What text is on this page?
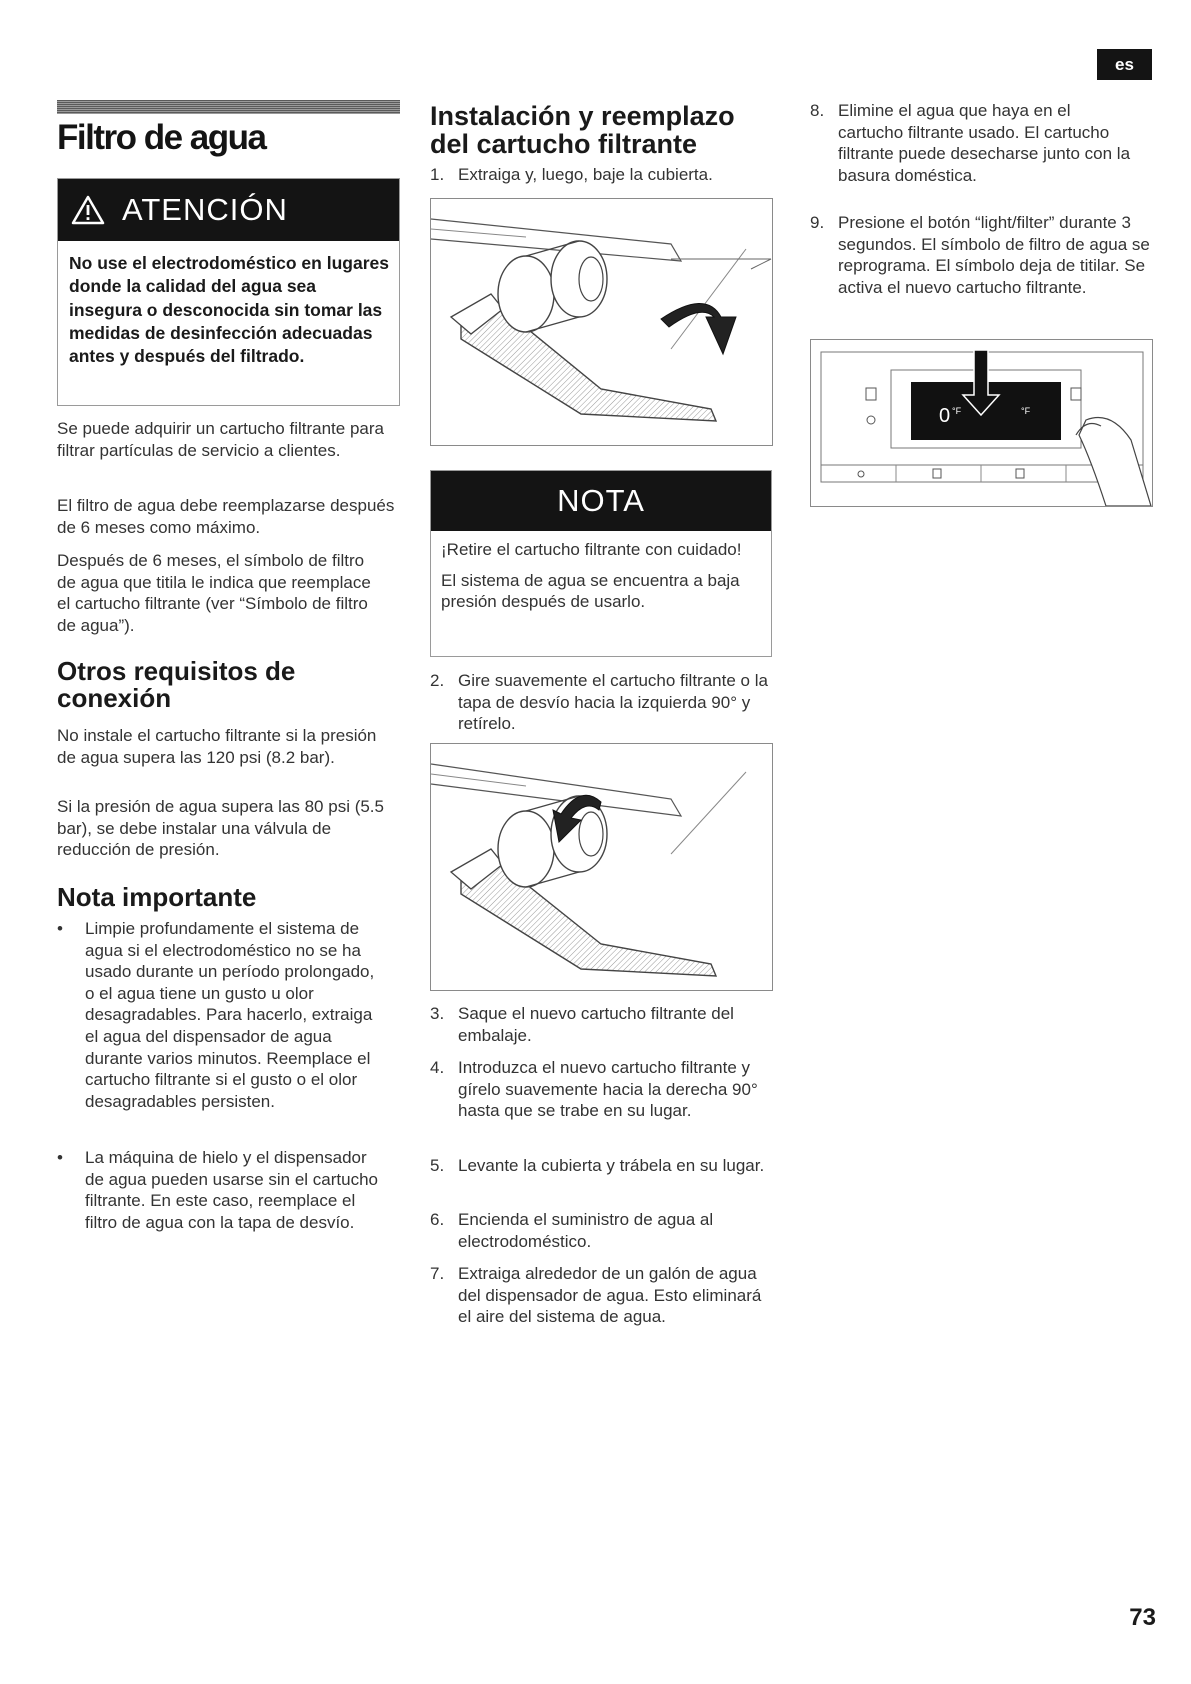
es
Filtro de agua
ATENCIÓN
No use el electrodoméstico en lugares donde la calidad del agua sea insegura o desconocida sin tomar las medidas de desinfección adecuadas antes y después del filtrado.

Se puede adquirir un cartucho filtrante para filtrar partículas de servicio a clientes.

El filtro de agua debe reemplazarse después de 6 meses como máximo.

Después de 6 meses, el símbolo de filtro de agua que titila le indica que reemplace el cartucho filtrante (ver “Símbolo de filtro de agua”).

Otros requisitos de conexión

No instale el cartucho filtrante si la presión de agua supera las 120 psi (8.2 bar).

Si la presión de agua supera las 80 psi (5.5 bar), se debe instalar una válvula de reducción de presión.

Nota importante
• Limpie profundamente el sistema de agua si el electrodoméstico no se ha usado durante un período prolongado, o el agua tiene un gusto u olor desagradables. Para hacerlo, extraiga el agua del dispensador de agua durante varios minutos. Reemplace el cartucho filtrante si el gusto o el olor desagradables persisten.
• La máquina de hielo y el dispensador de agua pueden usarse sin el cartucho filtrante. En este caso, reemplace el filtro de agua con la tapa de desvío.
Instalación y reemplazo del cartucho filtrante
1. Extraiga y, luego, baje la cubierta.
NOTA

¡Retire el cartucho filtrante con cuidado!

El sistema de agua se encuentra a baja presión después de usarlo.

2. Gire suavemente el cartucho filtrante o la tapa de desvío hacia la izquierda 90° y retírelo.
3. Saque el nuevo cartucho filtrante del embalaje.
4. Introduzca el nuevo cartucho filtrante y gírelo suavemente hacia la derecha 90° hasta que se trabe en su lugar.
5. Levante la cubierta y trábela en su lugar.
6. Encienda el suministro de agua al electrodoméstico.
7. Extraiga alrededor de un galón de agua del dispensador de agua. Esto eliminará el aire del sistema de agua.
8. Elimine el agua que haya en el cartucho filtrante usado. El cartucho filtrante puede desecharse junto con la basura doméstica.
9. Presione el botón “light/filter” durante 3 segundos. El símbolo de filtro de agua se reprograma. El símbolo deja de titilar. Se activa el nuevo cartucho filtrante.
0 °F	°F
73
